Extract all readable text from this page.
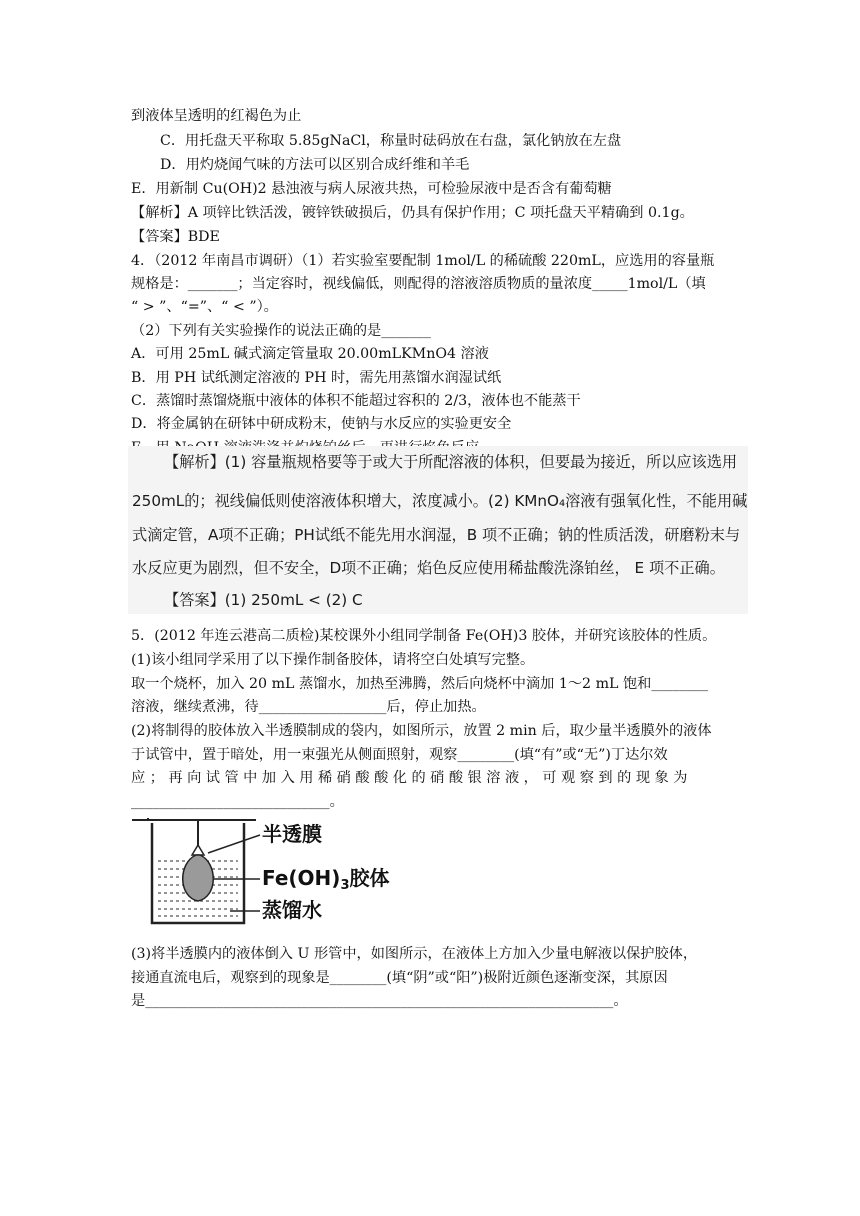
到液体呈透明的红褐色为止
C．用托盘天平称取 5.85gNaCl，称量时砝码放在右盘，氯化钠放在左盘
D．用灼烧闻气味的方法可以区别合成纤维和羊毛
E．用新制 Cu(OH)2 悬浊液与病人尿液共热，可检验尿液中是否含有葡萄糖
【解析】A 项锌比铁活泼，镀锌铁破损后，仍具有保护作用；C 项托盘天平精确到 0.1g。
【答案】BDE
4．（2012 年南昌市调研）（1）若实验室要配制 1mol/L 的稀硫酸 220mL，应选用的容量瓶
规格是：_______；当定容时，视线偏低，则配得的溶液溶质物质的量浓度_____1mol/L（填
“ > ”、“=”、“ < ”）。
（2）下列有关实验操作的说法正确的是_______
A．可用 25mL 碱式滴定管量取 20.00mLKMnO4 溶液
B．用 PH 试纸测定溶液的 PH 时，需先用蒸馏水润湿试纸
C．蒸馏时蒸馏烧瓶中液体的体积不能超过容积的 2/3，液体也不能蒸干
D．将金属钠在研钵中研成粉末，使钠与水反应的实验更安全
【解析】(1) 容量瓶规格要等于或大于所配溶液的体积，但要最为接近，所以应该选用
250mL的；视线偏低则使溶液体积增大，浓度减小。(2) KMnO₄溶液有强氧化性，不能用碱
式滴定管，A项不正确；PH试纸不能先用水润湿，B 项不正确；钠的性质活泼，研磨粉末与
水反应更为剧烈，但不安全，D项不正确；焰色反应使用稀盐酸洗涤铂丝， E 项不正确。
【答案】(1) 250mL < (2) C
5．(2012 年连云港高二质检)某校课外小组同学制备 Fe(OH)3 胶体，并研究该胶体的性质。
(1)该小组同学采用了以下操作制备胶体，请将空白处填写完整。
取一个烧杯，加入 20 mL 蒸馏水，加热至沸腾，然后向烧杯中滴加 1～2 mL 饱和________
溶液，继续煮沸，待__________________后，停止加热。
(2)将制得的胶体放入半透膜制成的袋内，如图所示，放置 2 min 后，取少量半透膜外的液体
于试管中，置于暗处，用一束强光从侧面照射，观察________(填“有”或“无”)丁达尔效
应 ； 再 向 试 管 中 加 入 用 稀 硝 酸 酸 化 的 硝 酸 银 溶 液 ， 可 观 察 到 的 现 象 为
____________________________。
半透膜
$Fe(OH)_3$胶体
蒸馏水
(3)将半透膜内的液体倒入 U 形管中，如图所示，在液体上方加入少量电解液以保护胶体，
接通直流电后，观察到的现象是________(填“阴”或“阳”)极附近颜色逐渐变深，其原因
是__________________________________________________________________。
